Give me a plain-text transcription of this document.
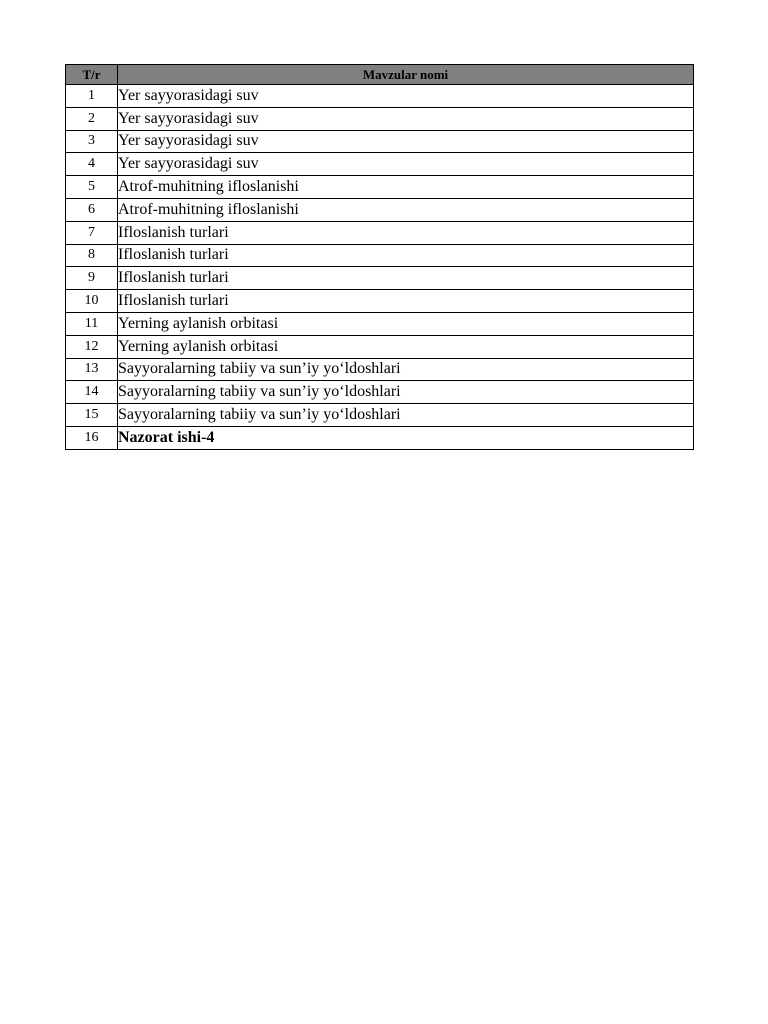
T/r	Mavzular nomi
1	Yer sayyorasidagi suv
2	Yer sayyorasidagi suv
3	Yer sayyorasidagi suv
4	Yer sayyorasidagi suv
5	Atrof-muhitning ifloslanishi
6	Atrof-muhitning ifloslanishi
7	Ifloslanish turlari
8	Ifloslanish turlari
9	Ifloslanish turlari
10	Ifloslanish turlari
11	Yerning aylanish orbitasi
12	Yerning aylanish orbitasi
13	Sayyoralarning tabiiy va sun’iy yo‘ldoshlari
14	Sayyoralarning tabiiy va sun’iy yo‘ldoshlari
15	Sayyoralarning tabiiy va sun’iy yo‘ldoshlari
16	Nazorat ishi-4
